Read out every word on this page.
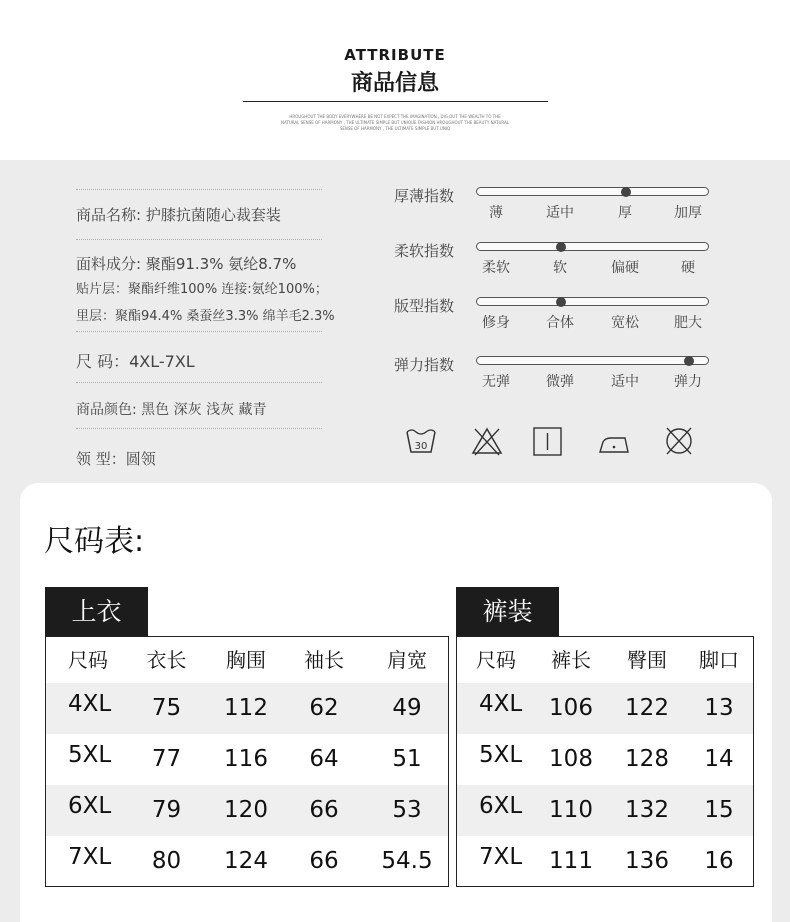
ATTRIBUTE
商品信息
HROUGHOUT THE BODY EVERYWHERE BE NOT EXPECT THE IMAGINATION , DIG OUT THE WEALTH TO THE NATURAL SENSE OF HARMONY , THE ULTIMATE SIMPLE BUT UNIQUE FASHION HROUGHOUT THE BEAUTY NATURAL SENSE OF HARMONY , THE ULTIMATE SIMPLE BUT UNIQ
商品名称: 护膝抗菌随心裁套装
面料成分: 聚酯91.3% 氨纶8.7%
贴片层：聚酯纤维100% 连接:氨纶100%；
里层：聚酯94.4% 桑蚕丝3.3% 绵羊毛2.3%
尺 码：4XL-7XL
商品颜色: 黑色 深灰 浅灰 藏青
领 型：圆领
厚薄指数
薄	适中	厚	加厚
柔软指数
柔软	软	偏硬	硬
版型指数
修身	合体	宽松	肥大
弹力指数
无弹	微弹	适中	弹力
30
尺码表:
上衣
尺码	衣长	胸围	袖长	肩宽
4XL	75	112	62	49
5XL	77	116	64	51
6XL	79	120	66	53
7XL	80	124	66	54.5
裤装
尺码	裤长	臀围	脚口
4XL	106	122	13
5XL	108	128	14
6XL	110	132	15
7XL	111	136	16
